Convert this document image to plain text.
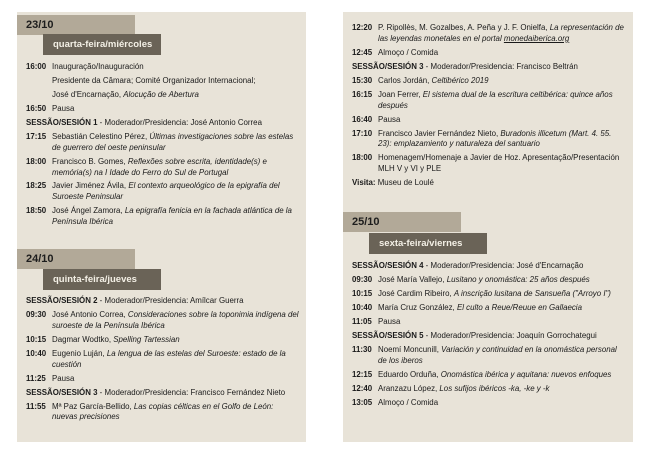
23/10
quarta-feira/miércoles
16:00 Inauguração/Inauguración
Presidente da Câmara; Comité Organizador Internacional;
José d'Encarnação, Alocução de Abertura
16:50 Pausa
SESSÃO/SESIÓN 1 - Moderador/Presidencia: José Antonio Correa
17:15 Sebastián Celestino Pérez, Últimas investigaciones sobre las estelas de guerrero del oeste peninsular
18:00 Francisco B. Gomes, Reflexões sobre escrita, identidade(s) e memória(s) na I Idade do Ferro do Sul de Portugal
18:25 Javier Jiménez Ávila, El contexto arqueológico de la epigrafía del Suroeste Peninsular
18:50 José Ángel Zamora, La epigrafía fenicia en la fachada atlántica de la Península Ibérica
24/10
quinta-feira/jueves
SESSÃO/SESIÓN 2 - Moderador/Presidencia: Amílcar Guerra
09:30 José Antonio Correa, Consideraciones sobre la toponimia indígena del suroeste de la Península Ibérica
10:15 Dagmar Wodtko, Spelling Tartessian
10:40 Eugenio Luján, La lengua de las estelas del Suroeste: estado de la cuestión
11:25 Pausa
SESSÃO/SESIÓN 3 - Moderador/Presidencia: Francisco Fernández Nieto
11:55 Mª Paz García-Bellido, Las copias célticas en el Golfo de León: nuevas precisiones
12:20 P. Ripollès, M. Gozalbes, A. Peña y J. F. Onielfa, La representación de las leyendas monetales en el portal monedaiberica.org
12:45 Almoço / Comida
SESSÃO/SESIÓN 3 - Moderador/Presidencia: Francisco Beltrán
15:30 Carlos Jordán, Celtibérico 2019
16:15 Joan Ferrer, El sistema dual de la escritura celtibérica: quince años después
16:40 Pausa
17:10 Francisco Javier Fernández Nieto, Buradonis illicetum (Mart. 4. 55. 23): emplazamiento y naturaleza del santuario
18:00 Homenagem/Homenaje a Javier de Hoz. Apresentação/Presentación MLH V y VI y PLE
Visita: Museu de Loulé
25/10
sexta-feira/viernes
SESSÃO/SESIÓN 4 - Moderador/Presidencia: José d'Encarnação
09:30 José María Vallejo, Lusitano y onomástica: 25 años después
10:15 José Cardim Ribeiro, A inscrição lusitana de Sansueña ("Arroyo I")
10:40 María Cruz González, El culto a Reue/Reuue en Gallaecia
11:05 Pausa
SESSÃO/SESIÓN 5 - Moderador/Presidencia: Joaquín Gorrochategui
11:30 Noemí Moncunill, Variación y continuidad en la onomástica personal de los iberos
12:15 Eduardo Orduña, Onomástica ibérica y aquitana: nuevos enfoques
12:40 Aranzazu López, Los sufijos ibéricos -ka, -ke y -k
13:05 Almoço / Comida
